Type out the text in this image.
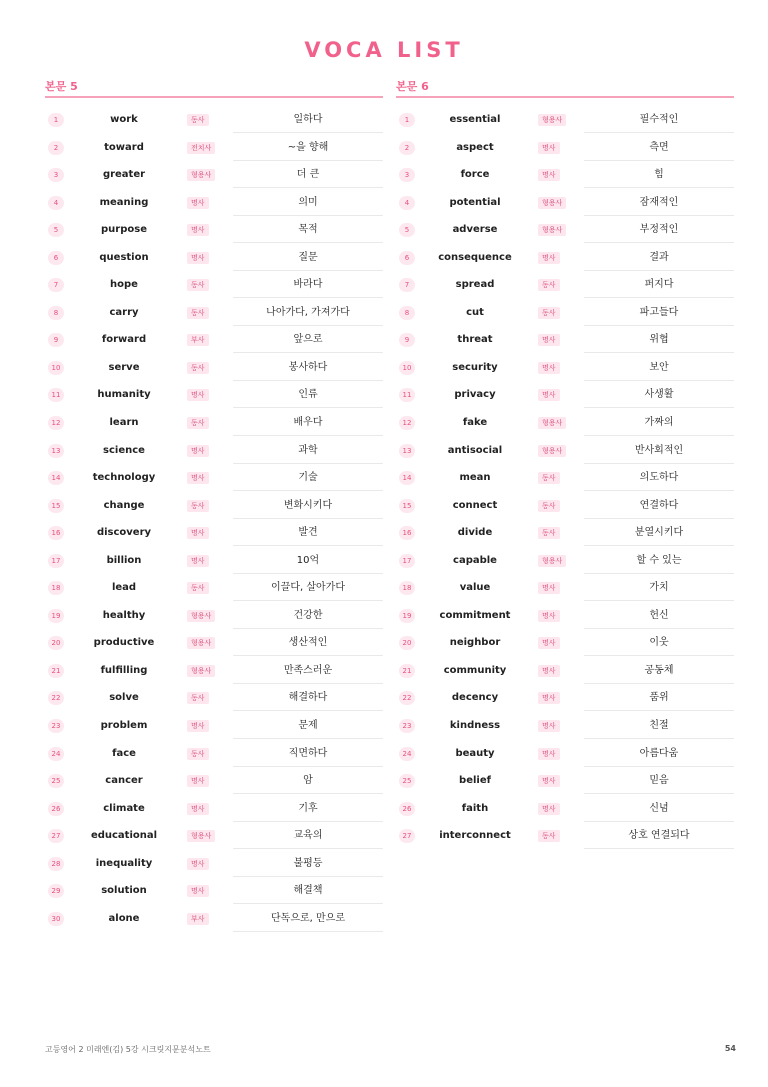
VOCA LIST
본문 5
1	work	동사	일하다
2	toward	전치사	~을 향해
3	greater	형용사	더 큰
4	meaning	명사	의미
5	purpose	명사	목적
6	question	명사	질문
7	hope	동사	바라다
8	carry	동사	나아가다, 가져가다
9	forward	부사	앞으로
10	serve	동사	봉사하다
11	humanity	명사	인류
12	learn	동사	배우다
13	science	명사	과학
14	technology	명사	기술
15	change	동사	변화시키다
16	discovery	명사	발견
17	billion	명사	10억
18	lead	동사	이끌다, 살아가다
19	healthy	형용사	건강한
20	productive	형용사	생산적인
21	fulfilling	형용사	만족스러운
22	solve	동사	해결하다
23	problem	명사	문제
24	face	동사	직면하다
25	cancer	명사	암
26	climate	명사	기후
27	educational	형용사	교육의
28	inequality	명사	불평등
29	solution	명사	해결책
30	alone	부사	단독으로, 만으로
본문 6
1	essential	형용사	필수적인
2	aspect	명사	측면
3	force	명사	힘
4	potential	형용사	잠재적인
5	adverse	형용사	부정적인
6	consequence	명사	결과
7	spread	동사	퍼지다
8	cut	동사	파고들다
9	threat	명사	위협
10	security	명사	보안
11	privacy	명사	사생활
12	fake	형용사	가짜의
13	antisocial	형용사	반사회적인
14	mean	동사	의도하다
15	connect	동사	연결하다
16	divide	동사	분열시키다
17	capable	형용사	할 수 있는
18	value	명사	가치
19	commitment	명사	헌신
20	neighbor	명사	이웃
21	community	명사	공동체
22	decency	명사	품위
23	kindness	명사	친절
24	beauty	명사	아름다움
25	belief	명사	믿음
26	faith	명사	신념
27	interconnect	동사	상호 연결되다
고등영어 2 미래엔(김) 5강 시크릿지문분석노트	54
